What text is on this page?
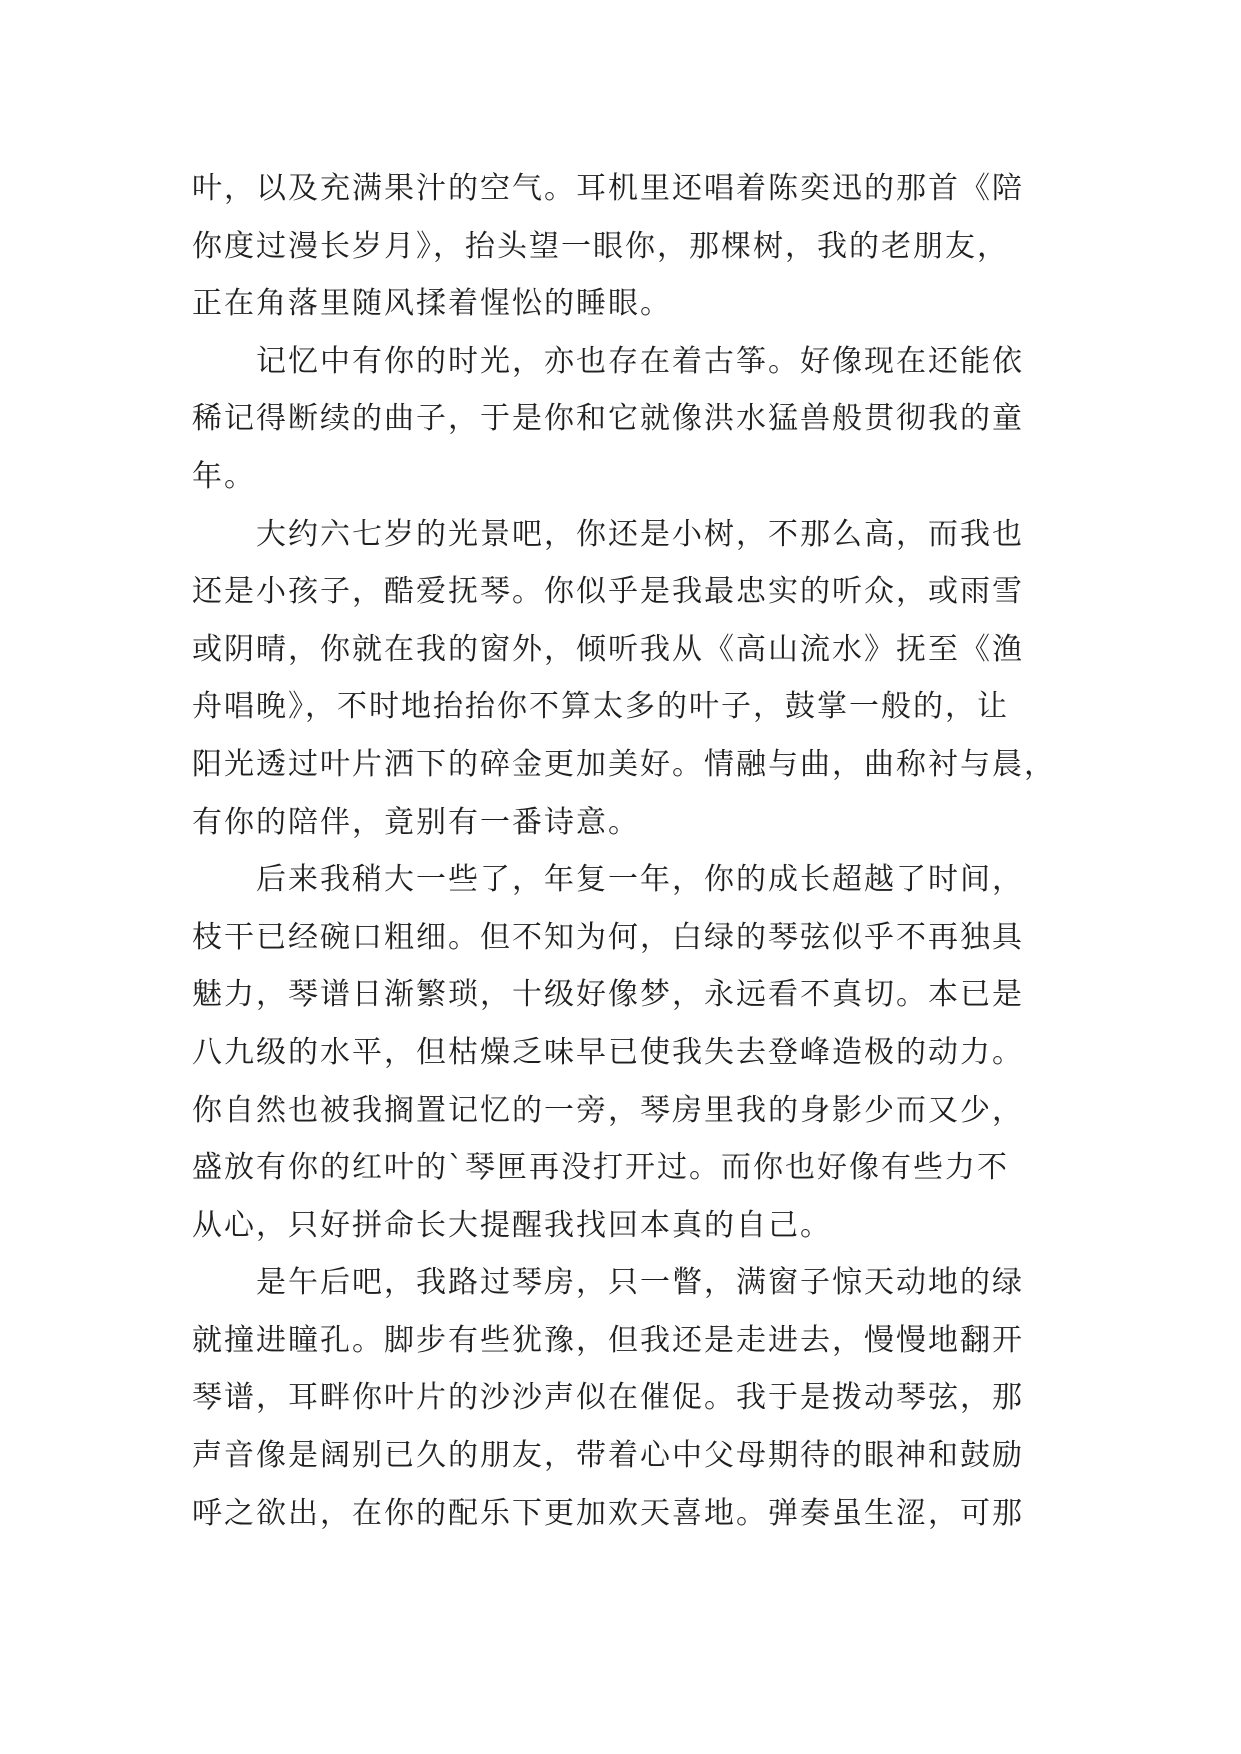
叶，以及充满果汁的空气。耳机里还唱着陈奕迅的那首《陪
你度过漫长岁月》，抬头望一眼你，那棵树，我的老朋友，
正在角落里随风揉着惺忪的睡眼。
记忆中有你的时光，亦也存在着古筝。好像现在还能依
稀记得断续的曲子，于是你和它就像洪水猛兽般贯彻我的童
年。
大约六七岁的光景吧，你还是小树，不那么高，而我也
还是小孩子，酷爱抚琴。你似乎是我最忠实的听众，或雨雪
或阴晴，你就在我的窗外，倾听我从《高山流水》抚至《渔
舟唱晚》，不时地抬抬你不算太多的叶子，鼓掌一般的，让
阳光透过叶片洒下的碎金更加美好。情融与曲，曲称衬与晨，
有你的陪伴，竟别有一番诗意。
后来我稍大一些了，年复一年，你的成长超越了时间，
枝干已经碗口粗细。但不知为何，白绿的琴弦似乎不再独具
魅力，琴谱日渐繁琐，十级好像梦，永远看不真切。本已是
八九级的水平，但枯燥乏味早已使我失去登峰造极的动力。
你自然也被我搁置记忆的一旁，琴房里我的身影少而又少，
盛放有你的红叶的`琴匣再没打开过。而你也好像有些力不
从心，只好拼命长大提醒我找回本真的自己。
是午后吧，我路过琴房，只一瞥，满窗子惊天动地的绿
就撞进瞳孔。脚步有些犹豫，但我还是走进去，慢慢地翻开
琴谱，耳畔你叶片的沙沙声似在催促。我于是拨动琴弦，那
声音像是阔别已久的朋友，带着心中父母期待的眼神和鼓励
呼之欲出，在你的配乐下更加欢天喜地。弹奏虽生涩，可那
